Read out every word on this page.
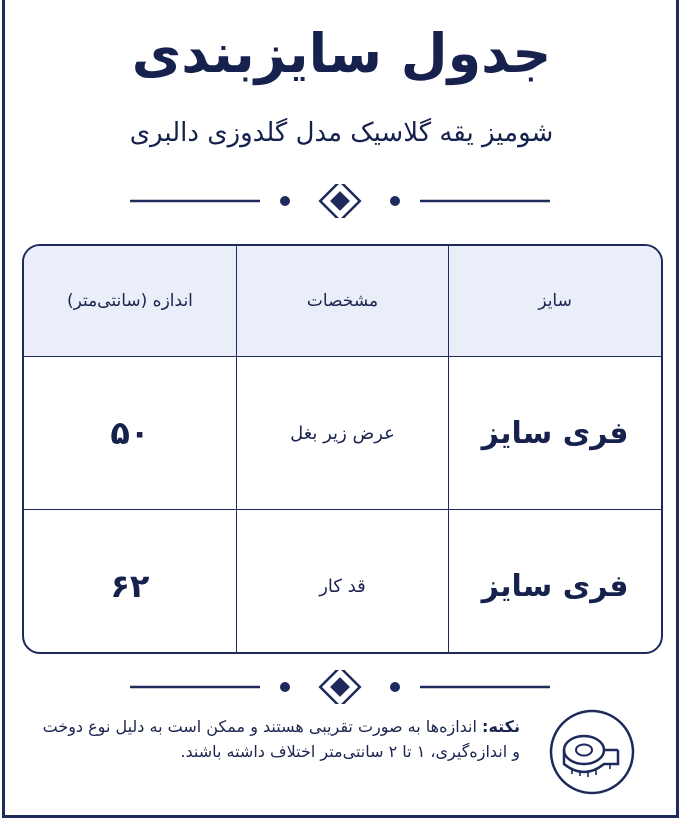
جدول سایزبندی
شومیز یقه گلاسیک مدل گلدوزی دالبری
سایز	مشخصات	اندازه (سانتی‌متر)
فری سایز	عرض زیر بغل	۵۰
فری سایز	قد کار	۶۲
نکته: اندازه‌ها به صورت تقریبی هستند و ممکن است به دلیل نوع دوخت و اندازه‌گیری، ۱ تا ۲ سانتی‌متر اختلاف داشته باشند.
